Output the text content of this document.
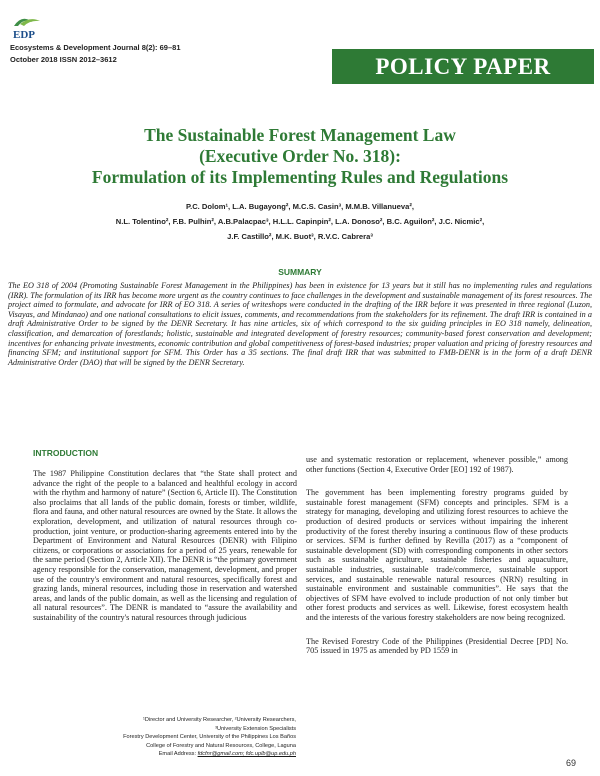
EDP
Ecosystems & Development Journal 8(2): 69–81
October 2018 ISSN 2012–3612	POLICY PAPER
The Sustainable Forest Management Law
(Executive Order No. 318):
Formulation of its Implementing Rules and Regulations
P.C. Dolom¹, L.A. Bugayong², M.C.S. Casin³, M.M.B. Villanueva²,
N.L. Tolentino², F.B. Pulhin², A.B.Palacpac³, H.L.L. Capinpin², L.A. Donoso², B.C. Aguilon², J.C. Nicmic²,
J.F. Castillo², M.K. Buot³, R.V.C. Cabrera³
SUMMARY
The EO 318 of 2004 (Promoting Sustainable Forest Management in the Philippines) has been in existence for 13 years but it still has no implementing rules and regulations (IRR). The formulation of its IRR has become more urgent as the country continues to face challenges in the development and sustainable management of its forest resources. The project aimed to formulate, and advocate for IRR of EO 318. A series of writeshops were conducted in the drafting of the IRR before it was presented in three regional (Luzon, Visayas, and Mindanao) and one national consultations to elicit issues, comments, and recommendations from the stakeholders for its refinement. The draft IRR is contained in a draft Administrative Order to be signed by the DENR Secretary. It has nine articles, six of which correspond to the six guiding principles in EO 318 namely, delineation, classification, and demarcation of forestlands; holistic, sustainable and integrated development of forestry resources; community-based forest conservation and development; incentives for enhancing private investments, economic contribution and global competitiveness of forest-based industries; proper valuation and pricing of forestry resources and financing SFM; and institutional support for SFM. This Order has a 35 sections. The final draft IRR that was submitted to FMB-DENR is in the form of a draft DENR Administrative Order (DAO) that will be signed by the DENR Secretary.
INTRODUCTION

The 1987 Philippine Constitution declares that “the State shall protect and advance the right of the people to a balanced and healthful ecology in accord with the rhythm and harmony of nature” (Section 6, Article II). The Constitution also proclaims that all lands of the public domain, forests or timber, wildlife, flora and fauna, and other natural resources are owned by the State. It allows the exploration, development, and utilization of natural resources through co-production, joint venture, or production-sharing agreements entered into by the Department of Environment and Natural Resources (DENR) with Filipino citizens, or corporations or associations for a period of 25 years, renewable for the same period (Section 2, Article XII). The DENR is “the primary government agency responsible for the conservation, management, development, and proper use of the country's environment and natural resources, specifically forest and grazing lands, mineral resources, including those in reservation and watershed areas, and lands of the public domain, as well as the licensing and regulation of all natural resources”. The DENR is mandated to “assure the availability and sustainability of the country's natural resources through judicious

use and systematic restoration or replacement, whenever possible,” among other functions (Section 4, Executive Order [EO] 192 of 1987).

The government has been implementing forestry programs guided by sustainable forest management (SFM) concepts and principles. SFM is a strategy for managing, developing and utilizing forest resources to achieve the production of desired products or services without impairing the inherent productivity of the forest thereby insuring a continuous flow of these products or services. SFM is further defined by Revilla (2017) as a “component of sustainable development (SD) with corresponding components in other sectors such as sustainable agriculture, sustainable fisheries and aquaculture, sustainable industries, sustainable trade/commerce, sustainable support services, and sustainable renewable natural resources (NRN) resulting in sustainable environment and sustainable communities”. He says that the objectives of SFM have evolved to include production of not only timber but other forest products and services as well. Likewise, forest ecosystem health and the interests of the various forestry stakeholders are now being recognized.

The Revised Forestry Code of the Philippines (Presidential Decree [PD] No. 705 issued in 1975 as amended by PD 1559 in

¹Director and University Researcher, ²University Researchers,
³University Extension Specialists
Forestry Development Center, University of the Philippines Los Baños
College of Forestry and Natural Resources, College, Laguna
Email Address: fdcfnr@gmail.com; fdc.uplb@up.edu.ph
69
